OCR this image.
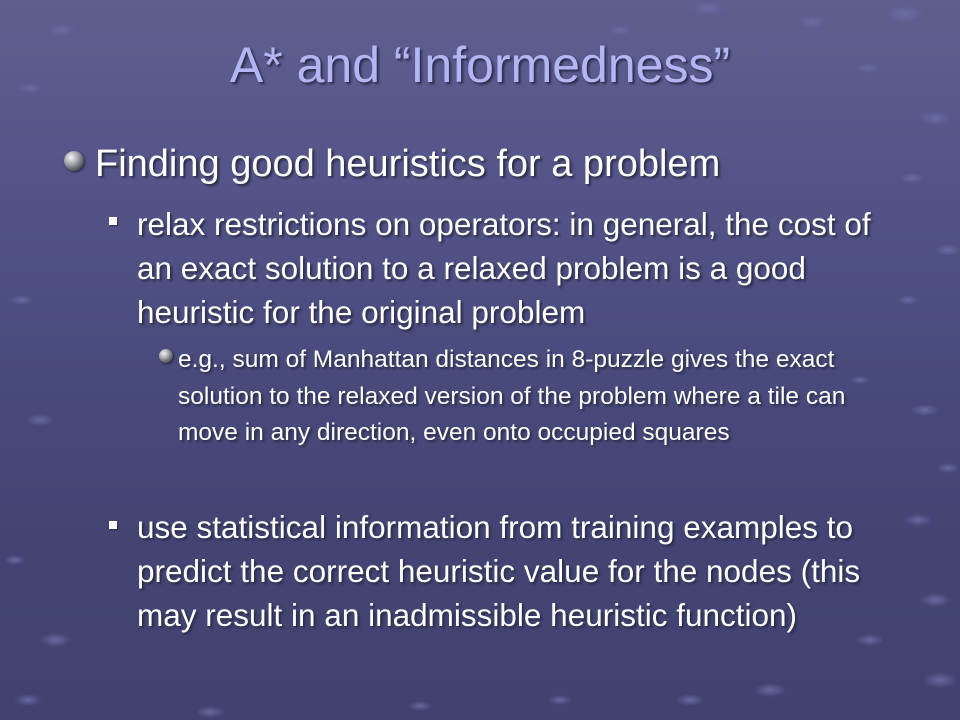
A* and “Informedness”
Finding good heuristics for a problem
relax restrictions on operators: in general, the cost of an exact solution to a relaxed problem is a good heuristic for the original problem
e.g., sum of Manhattan distances in 8-puzzle gives the exact solution to the relaxed version of the problem where a tile can move in any direction, even onto occupied squares
use statistical information from training examples to predict the correct heuristic value for the nodes (this may result in an inadmissible heuristic function)
